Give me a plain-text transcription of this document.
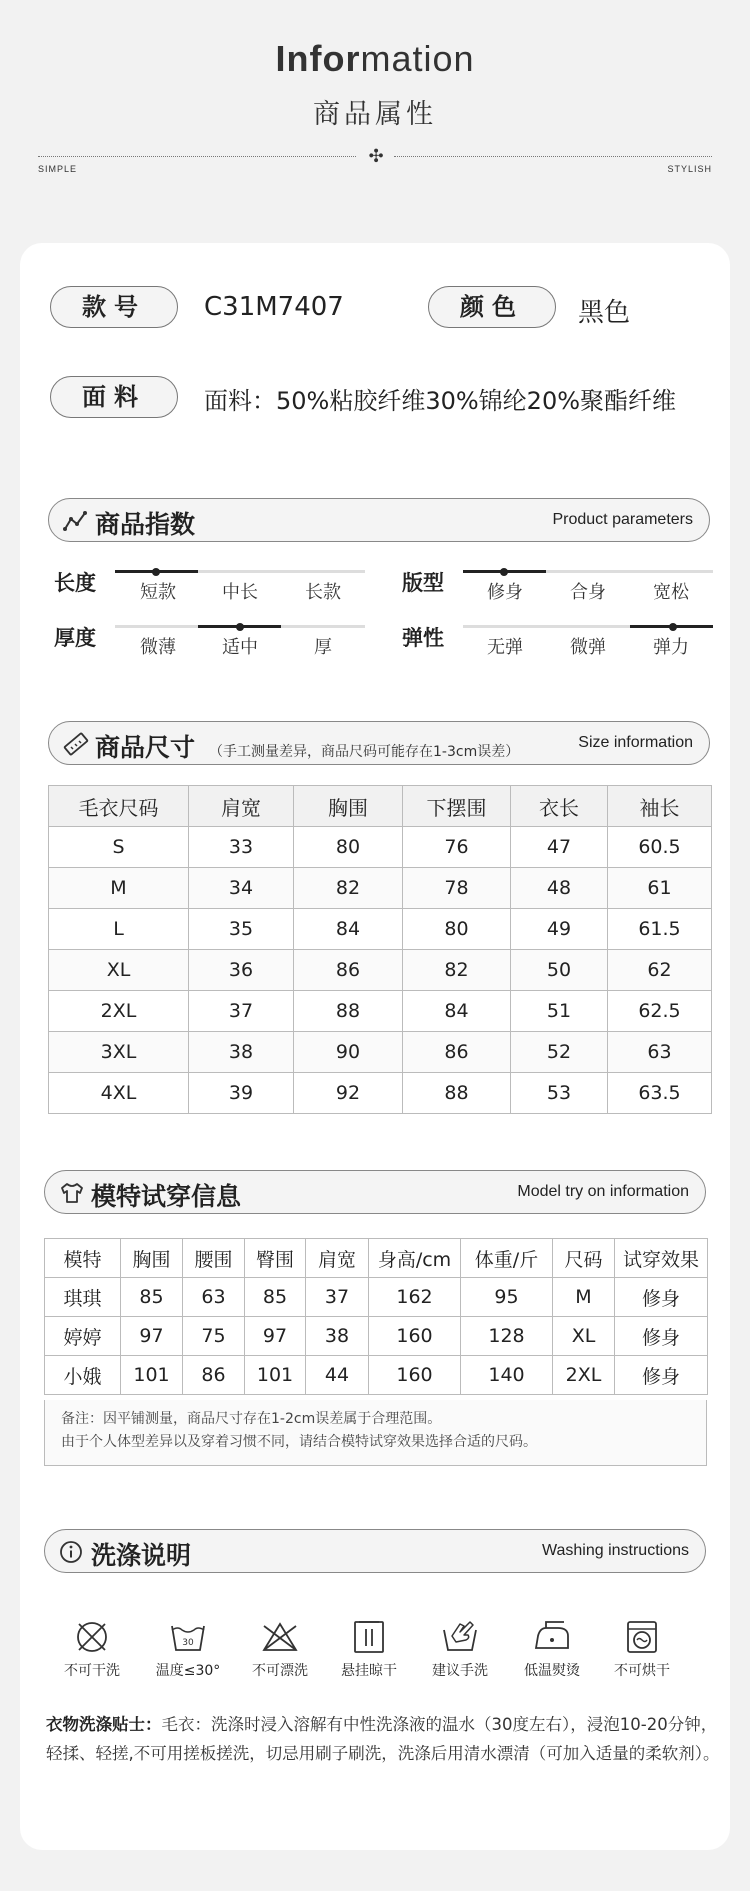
Information
商品属性
✣
SIMPLE	STYLISH
款号	C31M7407	颜色	黑色
面料	面料：50%粘胶纤维30%锦纶20%聚酯纤维
商品指数	Product parameters
长度	短款	中长	长款	版型	修身	合身	宽松
厚度	微薄	适中	厚	弹性	无弹	微弹	弹力
商品尺寸 （手工测量差异，商品尺码可能存在1-3cm误差）
Size information
毛衣尺码	肩宽	胸围	下摆围	衣长	袖长
S	33	80	76	47	60.5
M	34	82	78	48	61
L	35	84	80	49	61.5
XL	36	86	82	50	62
2XL	37	88	84	51	62.5
3XL	38	90	86	52	63
4XL	39	92	88	53	63.5
模特试穿信息	Model try on information
模特	胸围	腰围	臀围	肩宽	身高/cm	体重/斤	尺码	试穿效果
琪琪	85	63	85	37	162	95	M	修身
婷婷	97	75	97	38	160	128	XL	修身
小娥	101	86	101	44	160	140	2XL	修身
备注：因平铺测量，商品尺寸存在1-2cm误差属于合理范围。
由于个人体型差异以及穿着习惯不同，请结合模特试穿效果选择合适的尺码。
洗涤说明	Washing instructions
不可干洗
30
温度≤30°	不可漂洗	悬挂晾干	建议手洗	低温熨烫	不可烘干
衣物洗涤贴士：毛衣：洗涤时浸入溶解有中性洗涤液的温水（30度左右），浸泡10-20分钟，轻揉、轻搓,不可用搓板搓洗，切忌用刷子刷洗，洗涤后用清水漂清（可加入适量的柔软剂）。
